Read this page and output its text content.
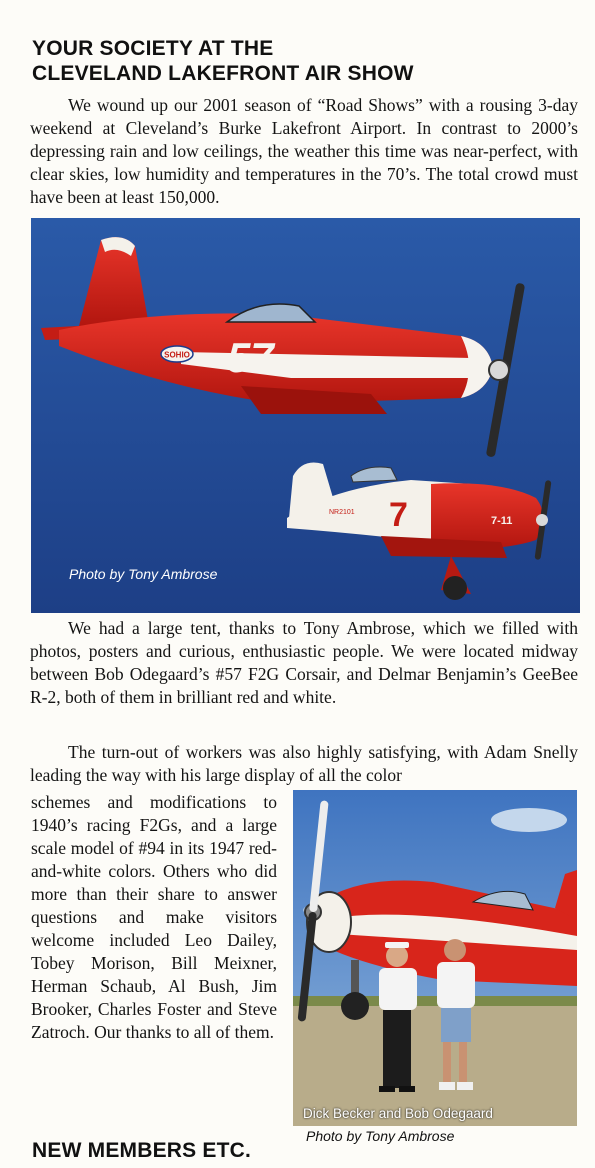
YOUR SOCIETY AT THE
CLEVELAND LAKEFRONT AIR SHOW
We wound up our 2001 season of “Road Shows” with a rousing 3-day weekend at Cleveland’s Burke Lakefront Airport. In contrast to 2000’s depressing rain and low ceilings, the weather this time was near-perfect, with clear skies, low humidity and temperatures in the 70’s. The total crowd must have been at least 150,000.
SOHIO 57
7	7-11
NR2101
Photo by Tony Ambrose
We had a large tent, thanks to Tony Ambrose, which we filled with photos, posters and curious, enthusiastic people. We were located midway between Bob Odegaard’s #57 F2G Corsair, and Delmar Benjamin’s GeeBee R-2, both of them in brilliant red and white.
The turn-out of workers was also highly satisfying, with Adam Snelly leading the way with his large display of all the color
schemes and modifications to 1940’s racing F2Gs, and a large scale model of #94 in its 1947 red-and-white colors. Others who did more than their share to answer questions and make visitors welcome included Leo Dailey, Tobey Morison, Bill Meixner, Herman Schaub, Al Bush, Jim Brooker, Charles Foster and Steve Zatroch. Our thanks to all of them.
Dick Becker and Bob Odegaard
Photo by Tony Ambrose
NEW MEMBERS ETC.
